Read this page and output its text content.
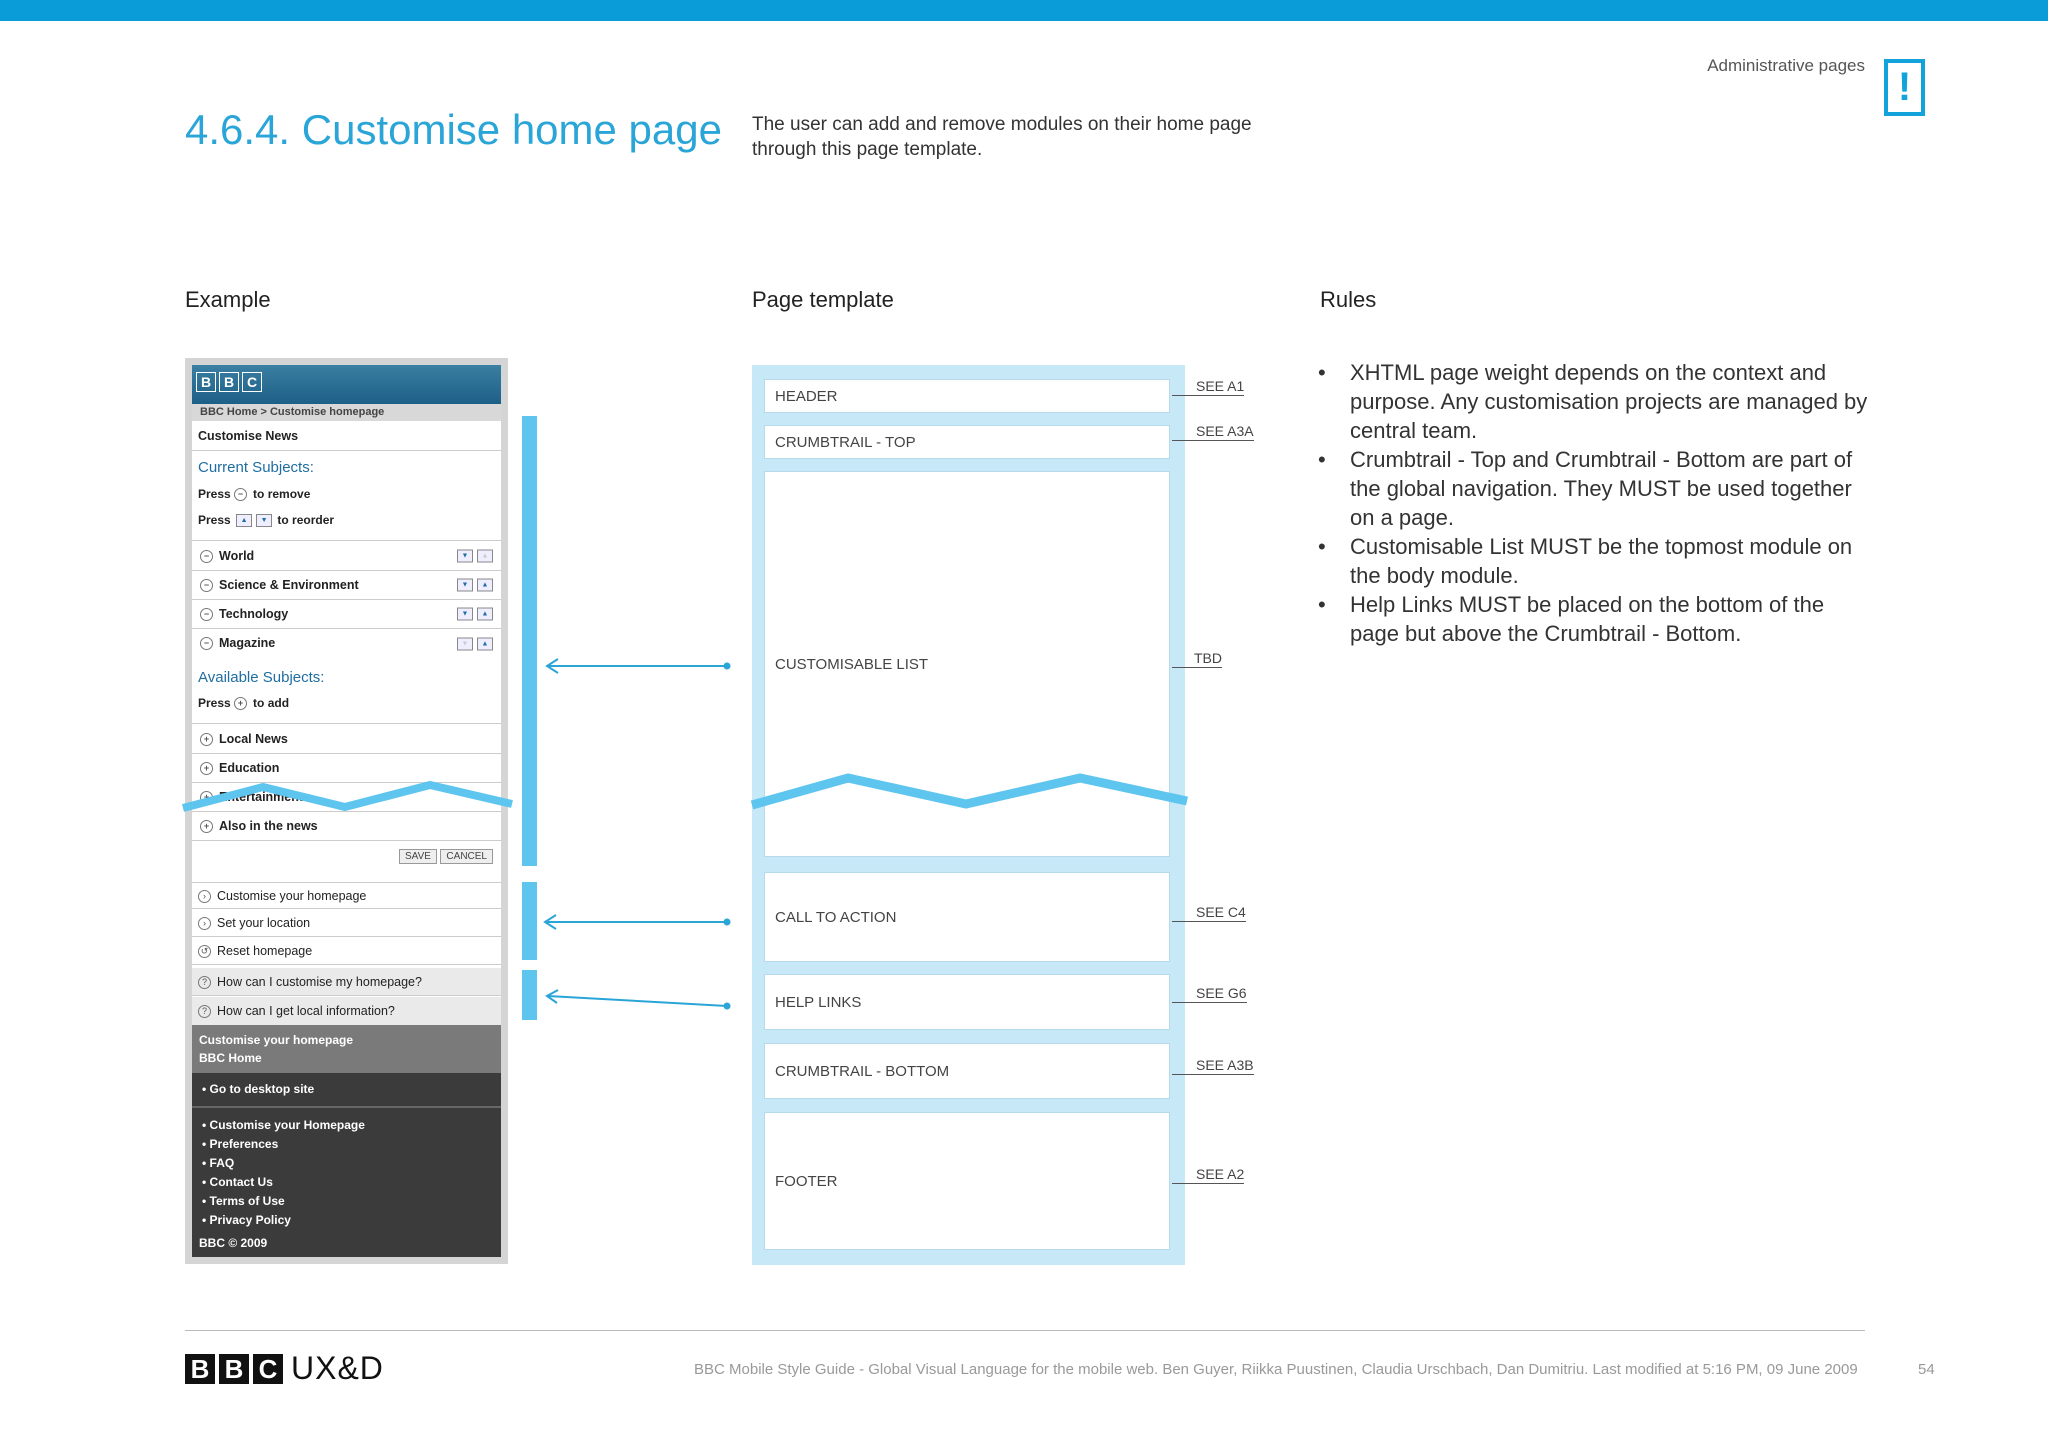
Administrative pages !
4.6.4. Customise home page The user can add and remove modules on their home page through this page template.
Example	Page template	Rules
B B C
BBC Home > Customise homepage
Customise News
Current Subjects:
Press − to remove
Press ▲ ▼ to reorder
− World	▼ ▲
− Science & Environment	▼ ▲
− Technology	▼ ▲
− Magazine	▼ ▲
Available Subjects:
Press + to add
+ Local News
+ Education
+ Entertainment
+ Also in the news
SAVE CANCEL
› Customise your homepage
› Set your location
↺ Reset homepage
? How can I customise my homepage?
? How can I get local information?
Customise your homepage
BBC Home
• Go to desktop site
• Customise your Homepage
• Preferences
• FAQ
• Contact Us
• Terms of Use
• Privacy Policy
BBC © 2009
HEADER
CRUMBTRAIL - TOP
CUSTOMISABLE LIST
CALL TO ACTION
HELP LINKS
CRUMBTRAIL - BOTTOM
FOOTER
SEE A1
SEE A3A
TBD
SEE C4
SEE G6
SEE A3B
SEE A2
• XHTML page weight depends on the context and purpose. Any customisation projects are managed by central team.
• Crumbtrail - Top and Crumbtrail - Bottom are part of the global navigation. They MUST be used together on a page.
• Customisable List MUST be the topmost module on the body module.
• Help Links MUST be placed on the bottom of the page but above the Crumbtrail - Bottom.
B B C UX&D	BBC Mobile Style Guide - Global Visual Language for the mobile web. Ben Guyer, Riikka Puustinen, Claudia Urschbach, Dan Dumitriu. Last modified at 5:16 PM, 09 June 2009	54
